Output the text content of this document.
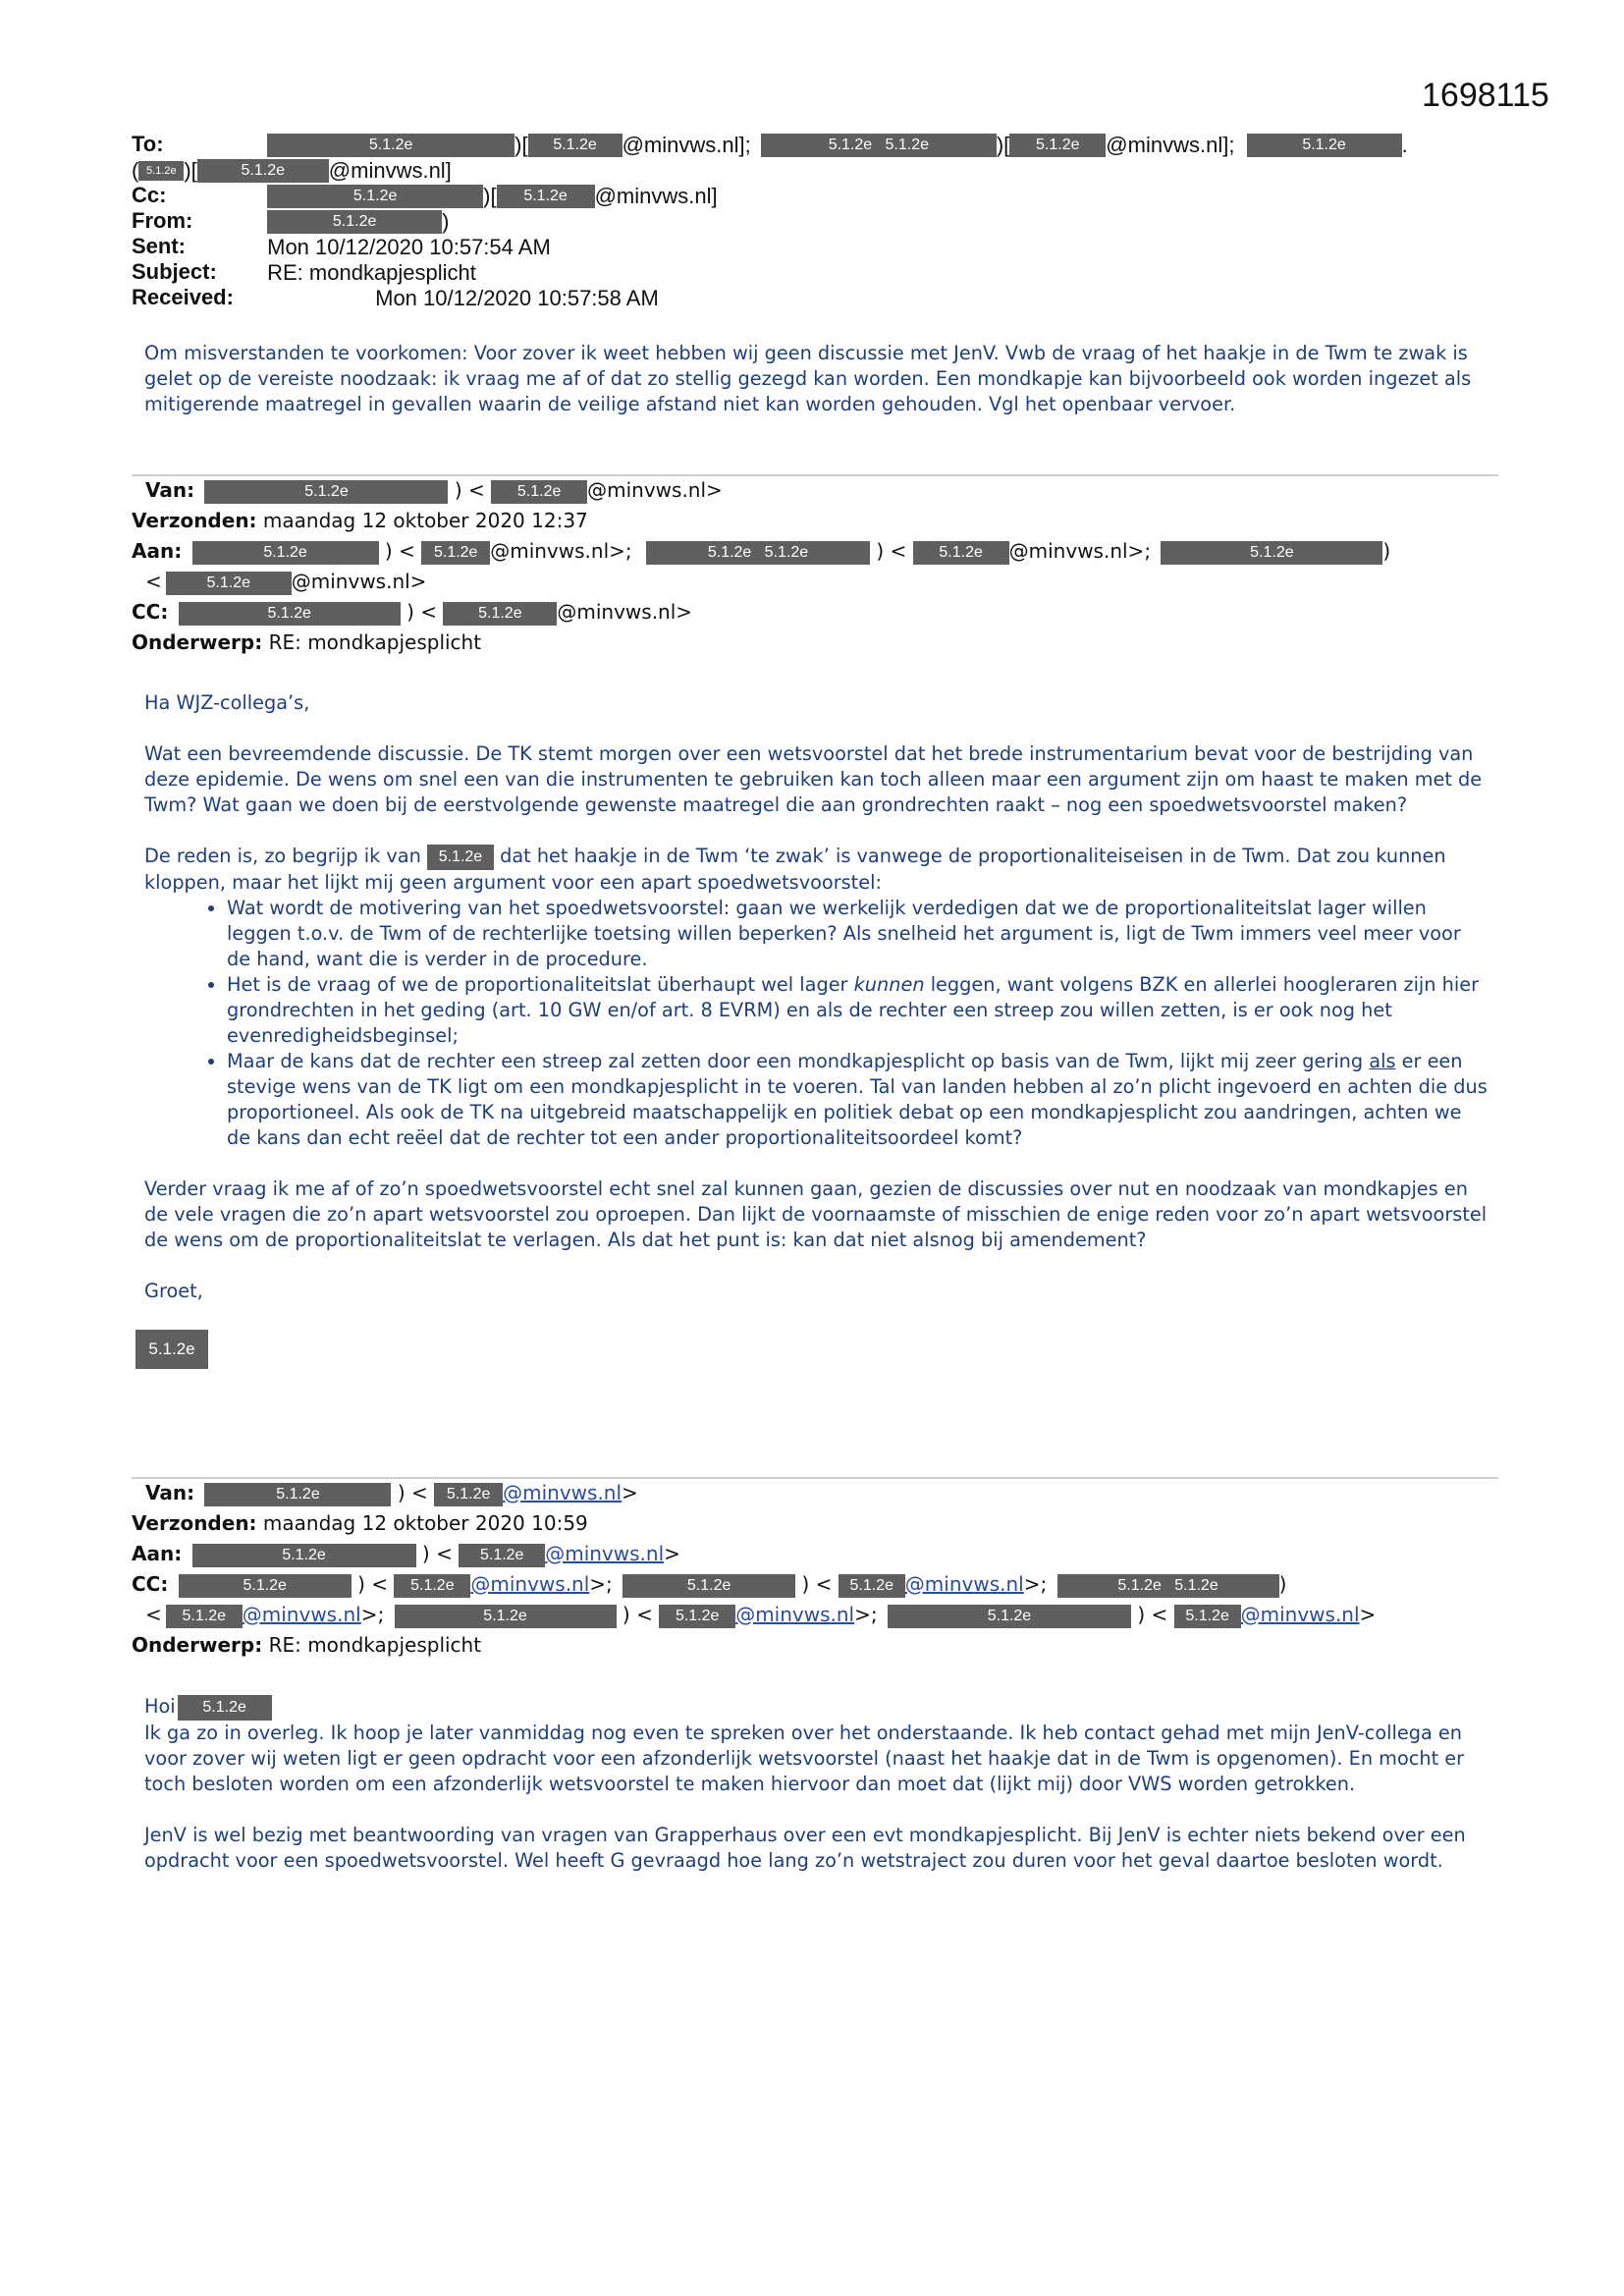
1698115
To:	5.1.2e	)[ 5.1.2e @minvws.nl];	5.1.2e   5.1.2e	)[ 5.1.2e @minvws.nl];	5.1.2e	.
( 5.1.2e )[	5.1.2e @minvws.nl]
Cc:	5.1.2e	)[ 5.1.2e @minvws.nl]
From:	5.1.2e	)
Sent:	Mon 10/12/2020 10:57:54 AM
Subject: RE: mondkapjesplicht
Received:	Mon 10/12/2020 10:57:58 AM
Om misverstanden te voorkomen: Voor zover ik weet hebben wij geen discussie met JenV. Vwb de vraag of het haakje in de Twm te zwak is gelet op de vereiste noodzaak: ik vraag me af of dat zo stellig gezegd kan worden. Een mondkapje kan bijvoorbeeld ook worden ingezet als mitigerende maatregel in gevallen waarin de veilige afstand niet kan worden gehouden. Vgl het openbaar vervoer.
Van:	5.1.2e	) < 5.1.2e @minvws.nl>
Verzonden: maandag 12 oktober 2020 12:37
Aan:	5.1.2e	) < 5.1.2e @minvws.nl>;	5.1.2e   5.1.2e	) < 5.1.2e @minvws.nl>;	5.1.2e	)
<	5.1.2e @minvws.nl>
CC:	5.1.2e	) < 5.1.2e @minvws.nl>
Onderwerp: RE: mondkapjesplicht

Ha WJZ-collega’s,

Wat een bevreemdende discussie. De TK stemt morgen over een wetsvoorstel dat het brede instrumentarium bevat voor de bestrijding van deze epidemie. De wens om snel een van die instrumenten te gebruiken kan toch alleen maar een argument zijn om haast te maken met de Twm? Wat gaan we doen bij de eerstvolgende gewenste maatregel die aan grondrechten raakt – nog een spoedwetsvoorstel maken?

De reden is, zo begrijp ik van 5.1.2e dat het haakje in de Twm ‘te zwak’ is vanwege de proportionaliteiseisen in de Twm. Dat zou kunnen kloppen, maar het lijkt mij geen argument voor een apart spoedwetsvoorstel:

• Wat wordt de motivering van het spoedwetsvoorstel: gaan we werkelijk verdedigen dat we de proportionaliteitslat lager willen leggen t.o.v. de Twm of de rechterlijke toetsing willen beperken? Als snelheid het argument is, ligt de Twm immers veel meer voor de hand, want die is verder in de procedure.
• Het is de vraag of we de proportionaliteitslat überhaupt wel lager kunnen leggen, want volgens BZK en allerlei hoogleraren zijn hier grondrechten in het geding (art. 10 GW en/of art. 8 EVRM) en als de rechter een streep zou willen zetten, is er ook nog het evenredigheidsbeginsel;
• Maar de kans dat de rechter een streep zal zetten door een mondkapjesplicht op basis van de Twm, lijkt mij zeer gering als er een stevige wens van de TK ligt om een mondkapjesplicht in te voeren. Tal van landen hebben al zo’n plicht ingevoerd en achten die dus proportioneel. Als ook de TK na uitgebreid maatschappelijk en politiek debat op een mondkapjesplicht zou aandringen, achten we de kans dan echt reëel dat de rechter tot een ander proportionaliteitsoordeel komt?

Verder vraag ik me af of zo’n spoedwetsvoorstel echt snel zal kunnen gaan, gezien de discussies over nut en noodzaak van mondkapjes en de vele vragen die zo’n apart wetsvoorstel zou oproepen. Dan lijkt de voornaamste of misschien de enige reden voor zo’n apart wetsvoorstel de wens om de proportionaliteitslat te verlagen. Als dat het punt is: kan dat niet alsnog bij amendement?

Groet,

5.1.2e
Van:	5.1.2e	) < 5.1.2e @minvws.nl>
Verzonden: maandag 12 oktober 2020 10:59
Aan:	5.1.2e	) < 5.1.2e @minvws.nl>
CC:	5.1.2e	) < 5.1.2e @minvws.nl>;	5.1.2e	) < 5.1.2e @minvws.nl>;	5.1.2e   5.1.2e	)
< 5.1.2e @minvws.nl>;	5.1.2e	) < 5.1.2e @minvws.nl>;	5.1.2e	) < 5.1.2e @minvws.nl>
Onderwerp: RE: mondkapjesplicht

Hoi 5.1.2e

Ik ga zo in overleg. Ik hoop je later vanmiddag nog even te spreken over het onderstaande. Ik heb contact gehad met mijn JenV-collega en voor zover wij weten ligt er geen opdracht voor een afzonderlijk wetsvoorstel (naast het haakje dat in de Twm is opgenomen). En mocht er toch besloten worden om een afzonderlijk wetsvoorstel te maken hiervoor dan moet dat (lijkt mij) door VWS worden getrokken.

JenV is wel bezig met beantwoording van vragen van Grapperhaus over een evt mondkapjesplicht. Bij JenV is echter niets bekend over een opdracht voor een spoedwetsvoorstel. Wel heeft G gevraagd hoe lang zo’n wetstraject zou duren voor het geval daartoe besloten wordt.
